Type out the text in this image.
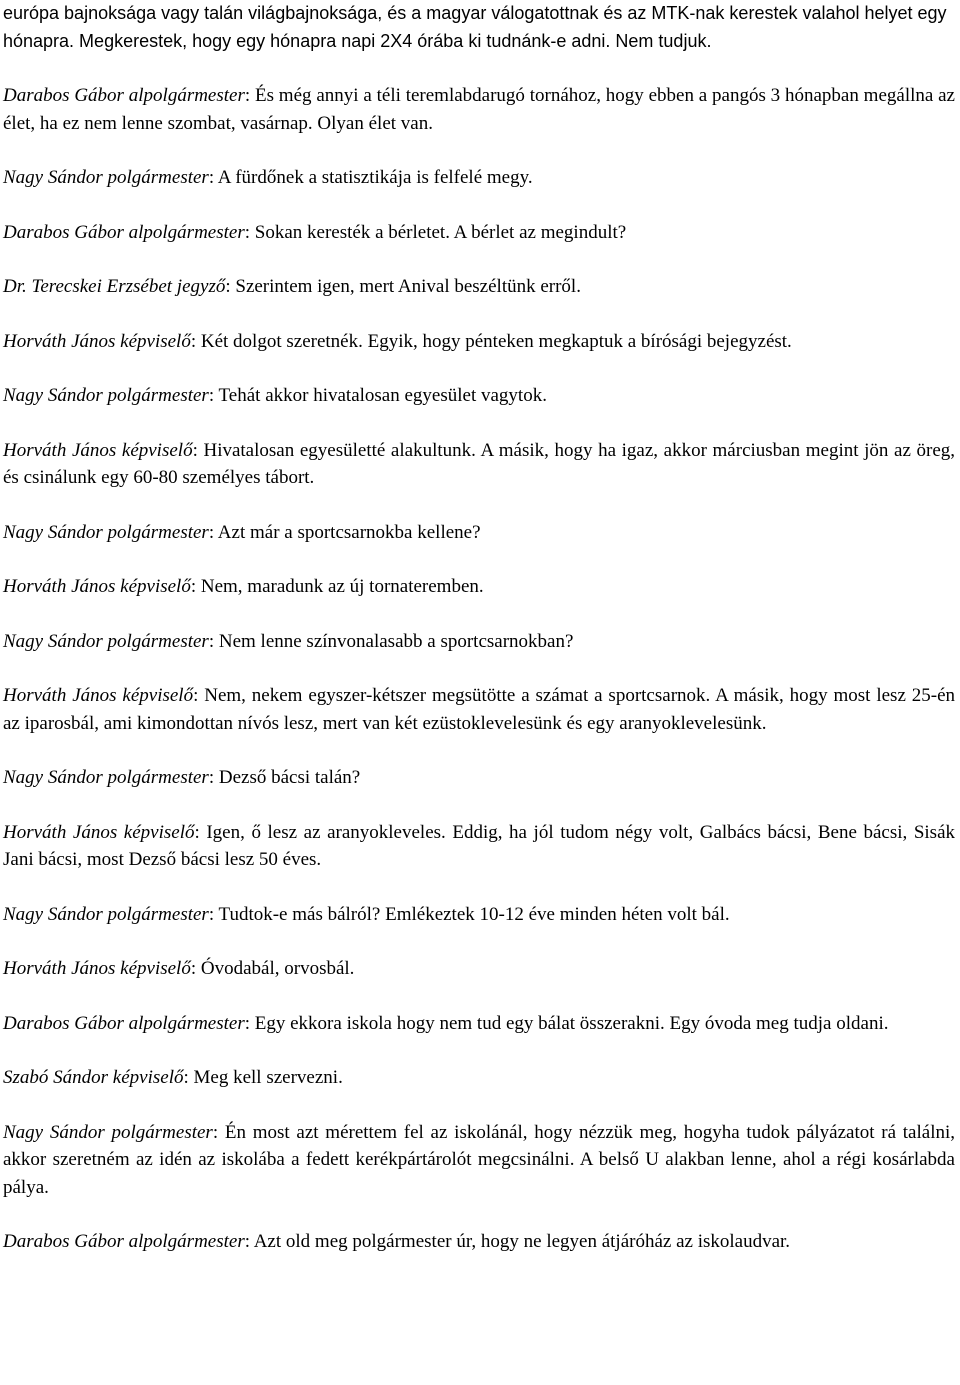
európa bajnoksága vagy talán világbajnoksága, és a magyar válogatottnak és az MTK-nak kerestek valahol helyet egy hónapra. Megkerestek, hogy egy hónapra napi 2X4 órába ki tudnánk-e adni. Nem tudjuk.

Darabos Gábor alpolgármester: És még annyi a téli teremlabdarugó tornához, hogy ebben a pangós 3 hónapban megállna az élet, ha ez nem lenne szombat, vasárnap. Olyan élet van.

Nagy Sándor polgármester: A fürdőnek a statisztikája is felfelé megy.

Darabos Gábor alpolgármester: Sokan keresték a bérletet. A bérlet az megindult?

Dr. Terecskei Erzsébet jegyző: Szerintem igen, mert Anival beszéltünk erről.

Horváth János képviselő: Két dolgot szeretnék. Egyik, hogy pénteken megkaptuk a bírósági bejegyzést.

Nagy Sándor polgármester: Tehát akkor hivatalosan egyesület vagytok.

Horváth János képviselő: Hivatalosan egyesületté alakultunk. A másik, hogy ha igaz, akkor márciusban megint jön az öreg, és csinálunk egy 60-80 személyes tábort.

Nagy Sándor polgármester: Azt már a sportcsarnokba kellene?

Horváth János képviselő: Nem, maradunk az új tornateremben.

Nagy Sándor polgármester: Nem lenne színvonalasabb a sportcsarnokban?

Horváth János képviselő: Nem, nekem egyszer-kétszer megsütötte a számat a sportcsarnok. A másik, hogy most lesz 25-én az iparosbál, ami kimondottan nívós lesz, mert van két ezüstoklevelesünk és egy aranyoklevelesünk.

Nagy Sándor polgármester: Dezső bácsi talán?

Horváth János képviselő: Igen, ő lesz az aranyokleveles. Eddig, ha jól tudom négy volt, Galbács bácsi, Bene bácsi, Sisák Jani bácsi, most Dezső bácsi lesz 50 éves.

Nagy Sándor polgármester: Tudtok-e más bálról? Emlékeztek 10-12 éve minden héten volt bál.

Horváth János képviselő: Óvodabál, orvosbál.

Darabos Gábor alpolgármester: Egy ekkora iskola hogy nem tud egy bálat összerakni. Egy óvoda meg tudja oldani.

Szabó Sándor képviselő: Meg kell szervezni.

Nagy Sándor polgármester: Én most azt mérettem fel az iskolánál, hogy nézzük meg, hogyha tudok pályázatot rá találni, akkor szeretném az idén az iskolába a fedett kerékpártárolót megcsinálni. A belső U alakban lenne, ahol a régi kosárlabda pálya.

Darabos Gábor alpolgármester: Azt old meg polgármester úr, hogy ne legyen átjáróház az iskolaudvar.
